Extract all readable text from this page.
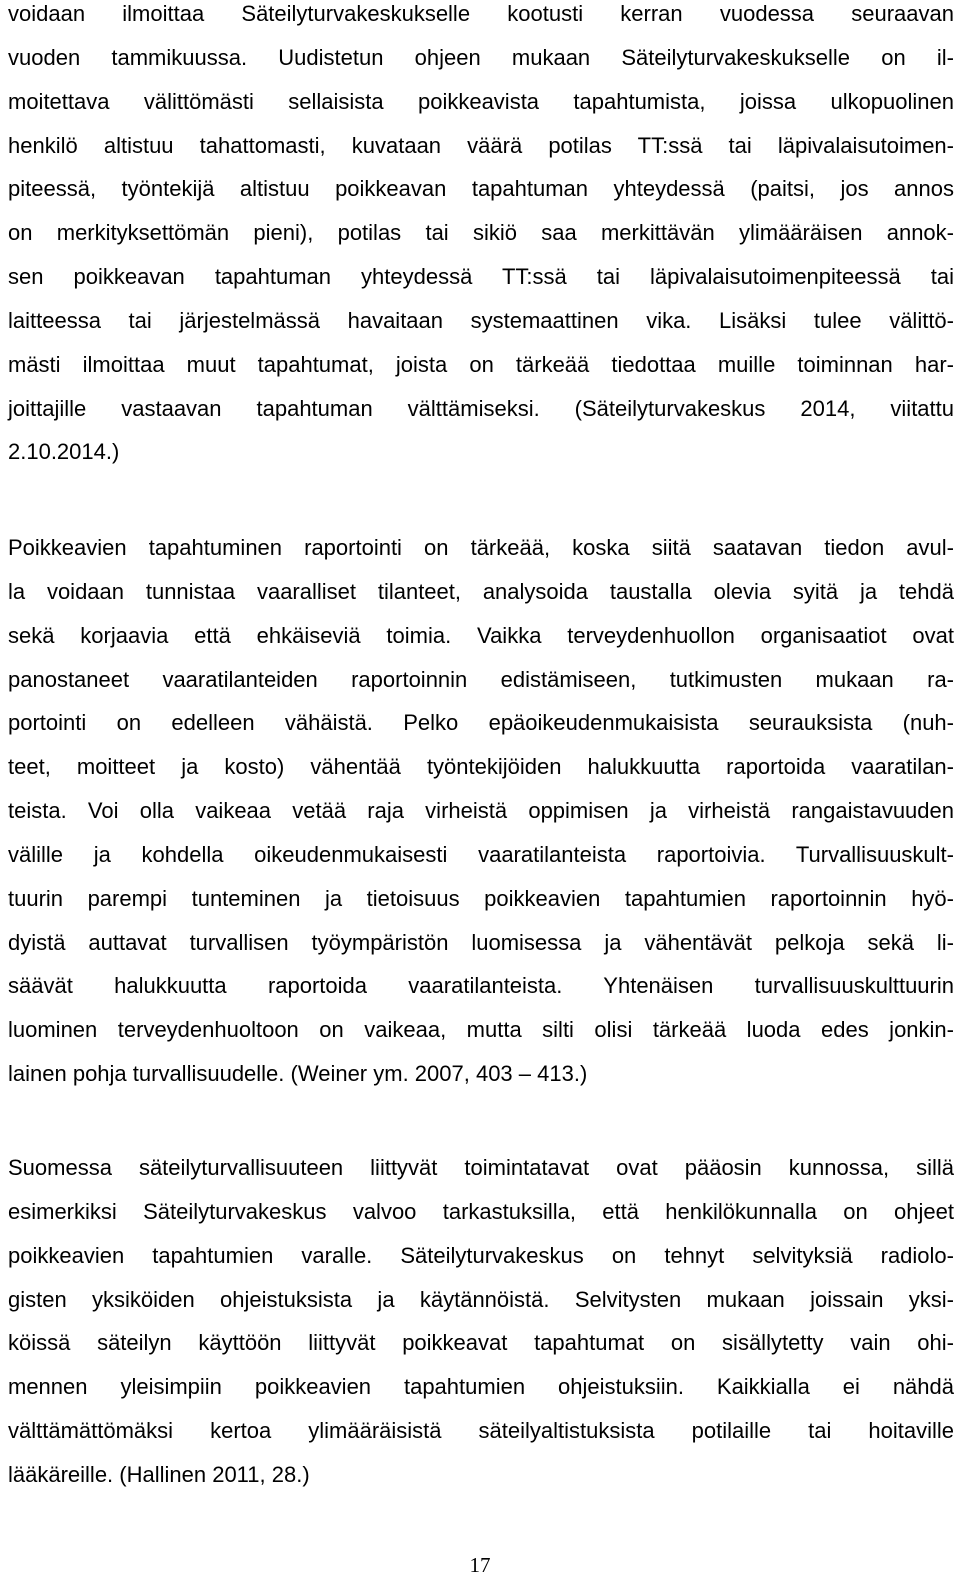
voidaan ilmoittaa Säteilyturvakeskukselle kootusti kerran vuodessa seuraavan
vuoden tammikuussa. Uudistetun ohjeen mukaan Säteilyturvakeskukselle on il-
moitettava välittömästi sellaisista poikkeavista tapahtumista, joissa ulkopuolinen
henkilö altistuu tahattomasti, kuvataan väärä potilas TT:ssä tai läpivalaisutoimen-
piteessä, työntekijä altistuu poikkeavan tapahtuman yhteydessä (paitsi, jos annos
on merkityksettömän pieni), potilas tai sikiö saa merkittävän ylimääräisen annok-
sen poikkeavan tapahtuman yhteydessä TT:ssä tai läpivalaisutoimenpiteessä tai
laitteessa tai järjestelmässä havaitaan systemaattinen vika. Lisäksi tulee välittö-
mästi ilmoittaa muut tapahtumat, joista on tärkeää tiedottaa muille toiminnan har-
joittajille vastaavan tapahtuman välttämiseksi. (Säteilyturvakeskus 2014, viitattu
2.10.2014.)
Poikkeavien tapahtuminen raportointi on tärkeää, koska siitä saatavan tiedon avul-
la voidaan tunnistaa vaaralliset tilanteet, analysoida taustalla olevia syitä ja tehdä
sekä korjaavia että ehkäiseviä toimia. Vaikka terveydenhuollon organisaatiot ovat
panostaneet vaaratilanteiden raportoinnin edistämiseen, tutkimusten mukaan ra-
portointi on edelleen vähäistä. Pelko epäoikeudenmukaisista seurauksista (nuh-
teet, moitteet ja kosto) vähentää työntekijöiden halukkuutta raportoida vaaratilan-
teista. Voi olla vaikeaa vetää raja virheistä oppimisen ja virheistä rangaistavuuden
välille ja kohdella oikeudenmukaisesti vaaratilanteista raportoivia. Turvallisuuskult-
tuurin parempi tunteminen ja tietoisuus poikkeavien tapahtumien raportoinnin hyö-
dyistä auttavat turvallisen työympäristön luomisessa ja vähentävät pelkoja sekä li-
säävät halukkuutta raportoida vaaratilanteista. Yhtenäisen turvallisuuskulttuurin
luominen terveydenhuoltoon on vaikeaa, mutta silti olisi tärkeää luoda edes jonkin-
lainen pohja turvallisuudelle. (Weiner ym. 2007, 403 – 413.)
Suomessa säteilyturvallisuuteen liittyvät toimintatavat ovat pääosin kunnossa, sillä
esimerkiksi Säteilyturvakeskus valvoo tarkastuksilla, että henkilökunnalla on ohjeet
poikkeavien tapahtumien varalle. Säteilyturvakeskus on tehnyt selvityksiä radiolo-
gisten yksiköiden ohjeistuksista ja käytännöistä. Selvitysten mukaan joissain yksi-
köissä säteilyn käyttöön liittyvät poikkeavat tapahtumat on sisällytetty vain ohi-
mennen yleisimpiin poikkeavien tapahtumien ohjeistuksiin. Kaikkialla ei nähdä
välttämättömäksi kertoa ylimääräisistä säteilyaltistuksista potilaille tai hoitaville
lääkäreille. (Hallinen 2011, 28.)
17
